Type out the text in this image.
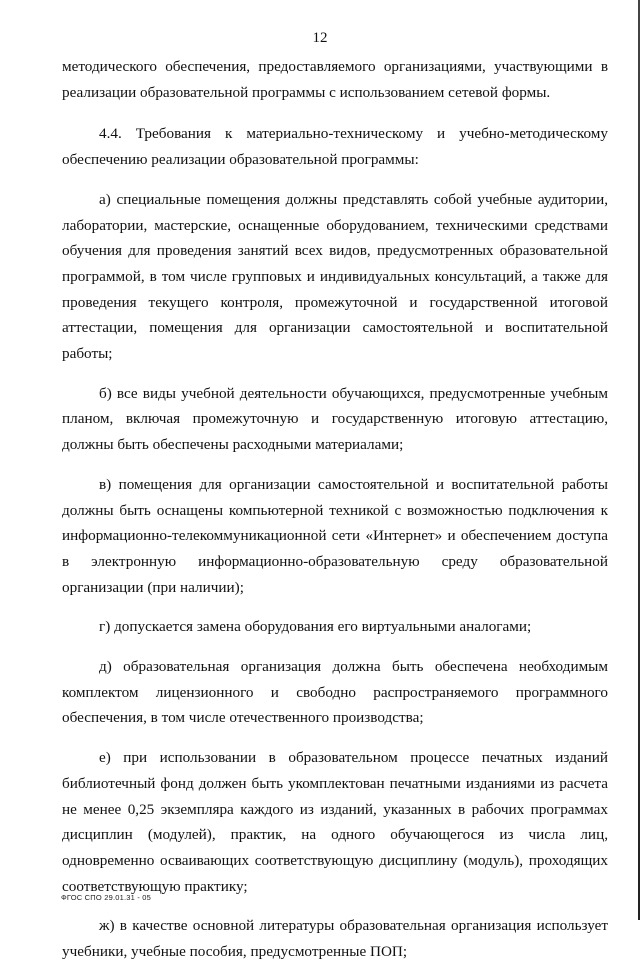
12

методического обеспечения, предоставляемого организациями, участвующими в реализации образовательной программы с использованием сетевой формы.

4.4. Требования к материально-техническому и учебно-методическому обеспечению реализации образовательной программы:

а) специальные помещения должны представлять собой учебные аудитории, лаборатории, мастерские, оснащенные оборудованием, техническими средствами обучения для проведения занятий всех видов, предусмотренных образовательной программой, в том числе групповых и индивидуальных консультаций, а также для проведения текущего контроля, промежуточной и государственной итоговой аттестации, помещения для организации самостоятельной и воспитательной работы;

б) все виды учебной деятельности обучающихся, предусмотренные учебным планом, включая промежуточную и государственную итоговую аттестацию, должны быть обеспечены расходными материалами;

в) помещения для организации самостоятельной и воспитательной работы должны быть оснащены компьютерной техникой с возможностью подключения к информационно-телекоммуникационной сети «Интернет» и обеспечением доступа в электронную информационно-образовательную среду образовательной организации (при наличии);

г) допускается замена оборудования его виртуальными аналогами;

д) образовательная организация должна быть обеспечена необходимым комплектом лицензионного и свободно распространяемого программного обеспечения, в том числе отечественного производства;

е) при использовании в образовательном процессе печатных изданий библиотечный фонд должен быть укомплектован печатными изданиями из расчета не менее 0,25 экземпляра каждого из изданий, указанных в рабочих программах дисциплин (модулей), практик, на одного обучающегося из числа лиц, одновременно осваивающих соответствующую дисциплину (модуль), проходящих соответствующую практику;

ж) в качестве основной литературы образовательная организация использует учебники, учебные пособия, предусмотренные ПОП;

ФГОС СПО 29.01.31 - 05
